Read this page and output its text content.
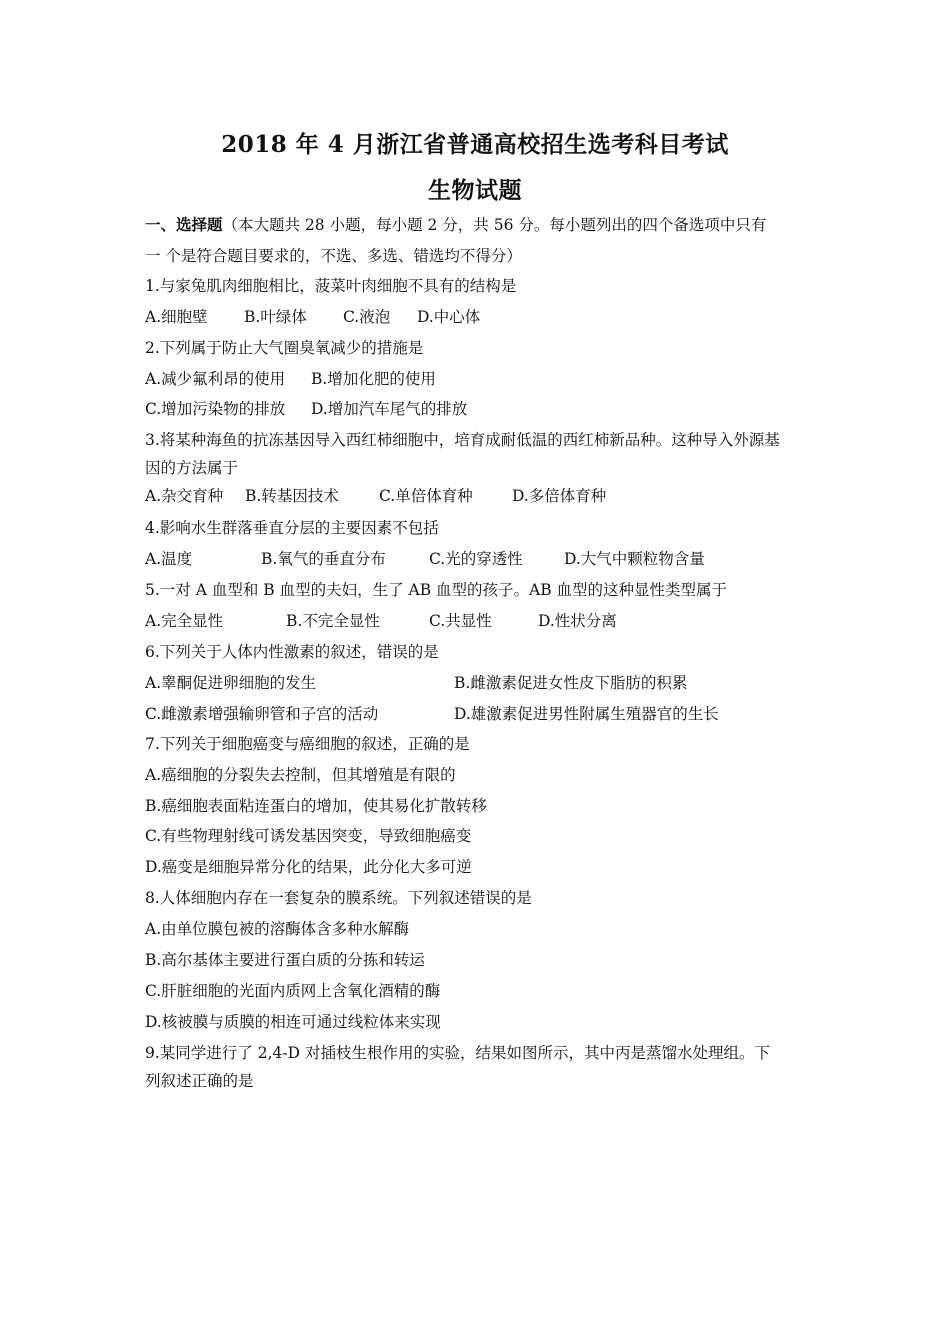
2018 年 4 月浙江省普通高校招生选考科目考试
生物试题
一、选择题（本大题共 28 小题，每小题 2 分，共 56 分。每小题列出的四个备选项中只有
一 个是符合题目要求的，不选、多选、错选均不得分）
1.与家兔肌肉细胞相比，菠菜叶肉细胞不具有的结构是
A.细胞壁 B.叶绿体 C.液泡 D.中心体
2.下列属于防止大气圈臭氧减少的措施是
A.减少氟利昂的使用 B.增加化肥的使用
C.增加污染物的排放 D.增加汽车尾气的排放
3.将某种海鱼的抗冻基因导入西红柿细胞中，培育成耐低温的西红柿新品种。这种导入外源基
因的方法属于
A.杂交育种 B.转基因技术	C.单倍体育种	D.多倍体育种
4.影响水生群落垂直分层的主要因素不包括
A.温度	B.氧气的垂直分布	C.光的穿透性	D.大气中颗粒物含量
5.一对 A 血型和 B 血型的夫妇，生了 AB 血型的孩子。AB 血型的这种显性类型属于
A.完全显性	B.不完全显性	C.共显性	D.性状分离
6.下列关于人体内性激素的叙述，错误的是
A.睾酮促进卵细胞的发生	B.雌激素促进女性皮下脂肪的积累
C.雌激素增强输卵管和子宫的活动	D.雄激素促进男性附属生殖器官的生长
7.下列关于细胞癌变与癌细胞的叙述，正确的是
A.癌细胞的分裂失去控制，但其增殖是有限的
B.癌细胞表面粘连蛋白的增加，使其易化扩散转移
C.有些物理射线可诱发基因突变，导致细胞癌变
D.癌变是细胞异常分化的结果，此分化大多可逆
8.人体细胞内存在一套复杂的膜系统。下列叙述错误的是
A.由单位膜包被的溶酶体含多种水解酶
B.高尔基体主要进行蛋白质的分拣和转运
C.肝脏细胞的光面内质网上含氧化酒精的酶
D.核被膜与质膜的相连可通过线粒体来实现
9.某同学进行了 2,4-D 对插枝生根作用的实验，结果如图所示，其中丙是蒸馏水处理组。下
列叙述正确的是
